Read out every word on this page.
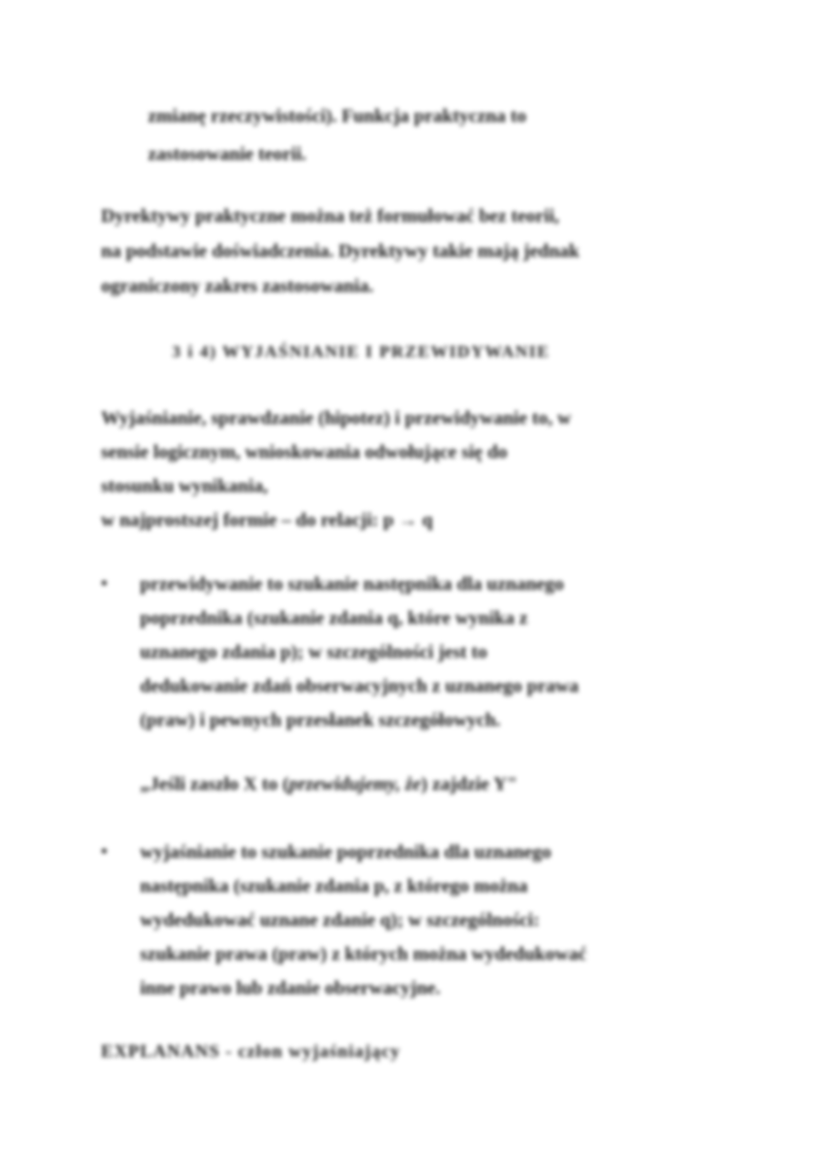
zmianę rzeczywistości). Funkcja praktyczna to
zastosowanie teorii.
Dyrektywy praktyczne można też formułować bez teorii,
na podstawie doświadczenia. Dyrektywy takie mają jednak
ograniczony zakres zastosowania.
3 i 4) WYJAŚNIANIE I PRZEWIDYWANIE
Wyjaśnianie, sprawdzanie (hipotez) i przewidywanie to, w
sensie logicznym, wnioskowania odwołujące się do
stosunku wynikania,
w najprostszej formie – do relacji: p → q
• przewidywanie to szukanie następnika dla uznanego
poprzednika (szukanie zdania q, które wynika z
uznanego zdania p); w szczególności jest to
dedukowanie zdań obserwacyjnych z uznanego prawa
(praw) i pewnych przesłanek szczegółowych.
„Jeśli zaszło X to (przewidujemy, że) zajdzie Y"
• wyjaśnianie to szukanie poprzednika dla uznanego
następnika (szukanie zdania p, z którego można
wydedukować uznane zdanie q); w szczególności:
szukanie prawa (praw) z których można wydedukować
inne prawo lub zdanie obserwacyjne.
EXPLANANS - człon wyjaśniający
